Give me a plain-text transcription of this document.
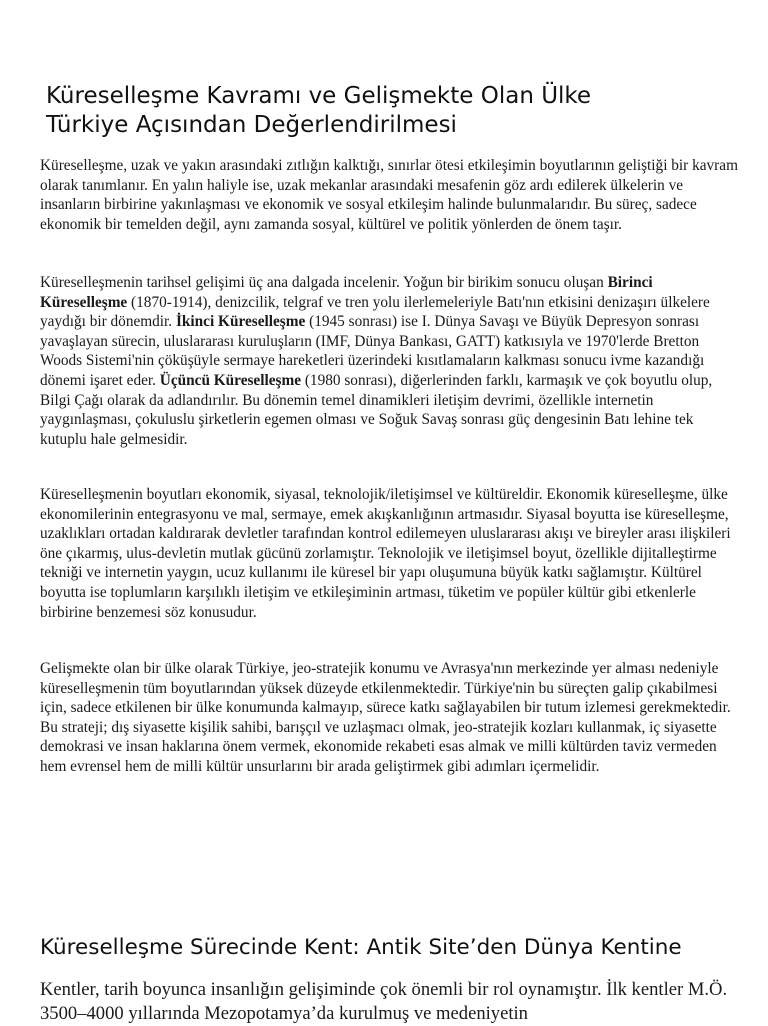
Küreselleşme Kavramı ve Gelişmekte Olan Ülke
Türkiye Açısından Değerlendirilmesi

Küreselleşme, uzak ve yakın arasındaki zıtlığın kalktığı, sınırlar ötesi etkileşimin boyutlarının geliştiği bir kavram olarak tanımlanır. En yalın haliyle ise, uzak mekanlar arasındaki mesafenin göz ardı edilerek ülkelerin ve insanların birbirine yakınlaşması ve ekonomik ve sosyal etkileşim halinde bulunmalarıdır. Bu süreç, sadece ekonomik bir temelden değil, aynı zamanda sosyal, kültürel ve politik yönlerden de önem taşır.

Küreselleşmenin tarihsel gelişimi üç ana dalgada incelenir. Yoğun bir birikim sonucu oluşan Birinci Küreselleşme (1870-1914), denizcilik, telgraf ve tren yolu ilerlemeleriyle Batı'nın etkisini denizaşırı ülkelere yaydığı bir dönemdir. İkinci Küreselleşme (1945 sonrası) ise I. Dünya Savaşı ve Büyük Depresyon sonrası yavaşlayan sürecin, uluslararası kuruluşların (IMF, Dünya Bankası, GATT) katkısıyla ve 1970'lerde Bretton Woods Sistemi'nin çöküşüyle sermaye hareketleri üzerindeki kısıtlamaların kalkması sonucu ivme kazandığı dönemi işaret eder. Üçüncü Küreselleşme (1980 sonrası), diğerlerinden farklı, karmaşık ve çok boyutlu olup, Bilgi Çağı olarak da adlandırılır. Bu dönemin temel dinamikleri iletişim devrimi, özellikle internetin yaygınlaşması, çokuluslu şirketlerin egemen olması ve Soğuk Savaş sonrası güç dengesinin Batı lehine tek kutuplu hale gelmesidir.

Küreselleşmenin boyutları ekonomik, siyasal, teknolojik/iletişimsel ve kültüreldir. Ekonomik küreselleşme, ülke ekonomilerinin entegrasyonu ve mal, sermaye, emek akışkanlığının artmasıdır. Siyasal boyutta ise küreselleşme, uzaklıkları ortadan kaldırarak devletler tarafından kontrol edilemeyen uluslararası akışı ve bireyler arası ilişkileri öne çıkarmış, ulus-devletin mutlak gücünü zorlamıştır. Teknolojik ve iletişimsel boyut, özellikle dijitalleştirme tekniği ve internetin yaygın, ucuz kullanımı ile küresel bir yapı oluşumuna büyük katkı sağlamıştır. Kültürel boyutta ise toplumların karşılıklı iletişim ve etkileşiminin artması, tüketim ve popüler kültür gibi etkenlerle birbirine benzemesi söz konusudur.

Gelişmekte olan bir ülke olarak Türkiye, jeo-stratejik konumu ve Avrasya'nın merkezinde yer alması nedeniyle küreselleşmenin tüm boyutlarından yüksek düzeyde etkilenmektedir. Türkiye'nin bu süreçten galip çıkabilmesi için, sadece etkilenen bir ülke konumunda kalmayıp, sürece katkı sağlayabilen bir tutum izlemesi gerekmektedir. Bu strateji; dış siyasette kişilik sahibi, barışçıl ve uzlaşmacı olmak, jeo-stratejik kozları kullanmak, iç siyasette demokrasi ve insan haklarına önem vermek, ekonomide rekabeti esas almak ve milli kültürden taviz vermeden hem evrensel hem de milli kültür unsurlarını bir arada geliştirmek gibi adımları içermelidir.

Küreselleşme Sürecinde Kent: Antik Site’den Dünya Kentine

Kentler, tarih boyunca insanlığın gelişiminde çok önemli bir rol oynamıştır. İlk kentler M.Ö. 3500–4000 yıllarında Mezopotamya’da kurulmuş ve medeniyetin
